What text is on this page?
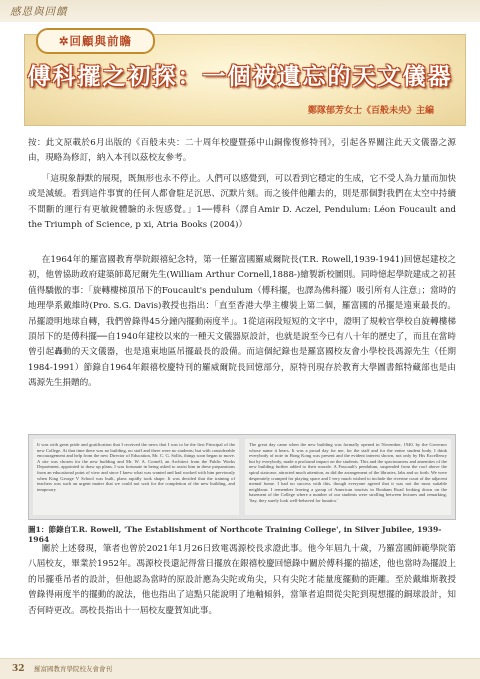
感恩與回饋
✲回顧與前瞻
傅科擺之初探：一個被遺忘的天文儀器
鄭隊郁芳女士《百般未央》主編

按：此文原載於6月出版的《百般未央：二十周年校慶暨孫中山銅像復修特刊》，引起各界關注此天文儀器之源由，現略為修訂，納入本刊以茲校友參考。

「這現象靜默的展現，既無形也永不停止。人們可以感覺到，可以看到它穩定的生成，它不受人為力量而加快或是減緩。看到這件事實的任何人都會駐足沉思、沉默片刻。而之後伴他離去的，則是那個對我們在太空中持續不間斷的運行有更敏銳體驗的永恆感覺。」1──傅科（譯自Amir D. Aczel, Pendulum: Léon Foucault and the Triumph of Science, p xi, Atria Books (2004)）

在1964年的羅富國教育學院銀禧紀念特，第一任羅富國羅威爾院長(T.R. Rowell,1939-1941)回憶起建校之初，他曾協助政府建築師葛尼爾先生(William Arthur Cornell,1888-)繪製新校圖則。同時憶起學院建成之初甚值得驕傲的事：「旋轉樓梯頂吊下的Foucault's pendulum（傅科擺，也譯為佛科擺）吸引所有人注意」；當時的地理學系戴維時(Pro. S.G. Davis)教授也指出：「直至香港大學主樓裝上第二個，羅富國的吊擺是遠東最長的。吊擺證明地球自轉，我們曾錄得45分鐘內擺動兩度半」。1從這兩段短短的文字中，證明了規較官學校自旋轉樓梯頂吊下的是傅科擺──自1940年建校以來的一種天文儀器原設計，也就是說至今已有八十年的歷史了，而且在當時曾引起轟動的天文儀器，也是遠東地區吊擺最長的設備。而這個紀錄也是羅富國校友會小學校長馮源先生（任期1984-1991）節錄自1964年銀禧校慶特刊的羅威爾院長回憶部分，原特刊現存於教育大學圖書館特藏部也是由馮源先生捐贈的。

It was with great pride and gratification that I received the news that I was to be the first Principal of the new College. At that time there was no building, no staff and there were no students; but with considerable encouragement and help from the new Director of Education, Mr. C. G. Sollis, things soon began to move. A site was chosen for the new building and Mr. W. A. Cornell, an Architect from the Public Works Department, appointed to draw up plans. I was fortunate in being asked to assist him in these preparations from an educational point of view and since I knew what was wanted and had worked with him previously when King George V School was built, plans rapidly took shape. It was decided that the training of teachers was such an urgent matter that we could not wait for the completion of the new building, and temporary
The great day came when the new building was formally opened in November, 1940, by the Governor whose name it bears. It was a proud day for me, for the staff and for the entire student body. I think everybody of note in Hong Kong was present and the evident interest shown, not only by His Excellency but by everybody, made a profound impact on the students. This and the spaciousness and amenities of the new building further added to their morale. A Foucault's pendulum, suspended from the roof above the spiral staircase, attracted much attention, as did the arrangement of the libraries, labs and so forth. We were desperately cramped for playing space and I very much wished to include the riverine court of the adjacent mental home. I had no success with this, though everyone agreed that it was not the most suitable neighbour. I remember leaving a group of American tourists in Bonham Road looking down on the basement of the College where a number of our students were strolling between lectures and remarking, 'Say, they surely look well-behaved for lunatics.'
圖1：節錄自T.R. Rowell, 'The Establishment of Northcote Training College', in Silver Jubilee, 1939-1964

關於上述發現，筆者也曾於2021年1月26日致電馮源校長求證此事。他今年屆九十歲，乃羅富國師範學院第八屆校友，畢業於1952年。馮源校長還記得當日擺放在銀禧校慶回憶錄中關於傅科擺的描述，他也當時為擺設上的吊擺垂吊者的設計，但他認為當時的原設計應為尖陀或角尖，只有尖陀才能量度擺動的距離。至於戴維斯教授曾錄得兩度半的擺動的說法，他也指出了這點只能說明了地軸傾斜，當筆者追問從尖陀到現想擺的銅球設計，知否何時更改。馮校長指出十一屆校友慶賀知此事。

32 羅富國教育學院校友會會刊
